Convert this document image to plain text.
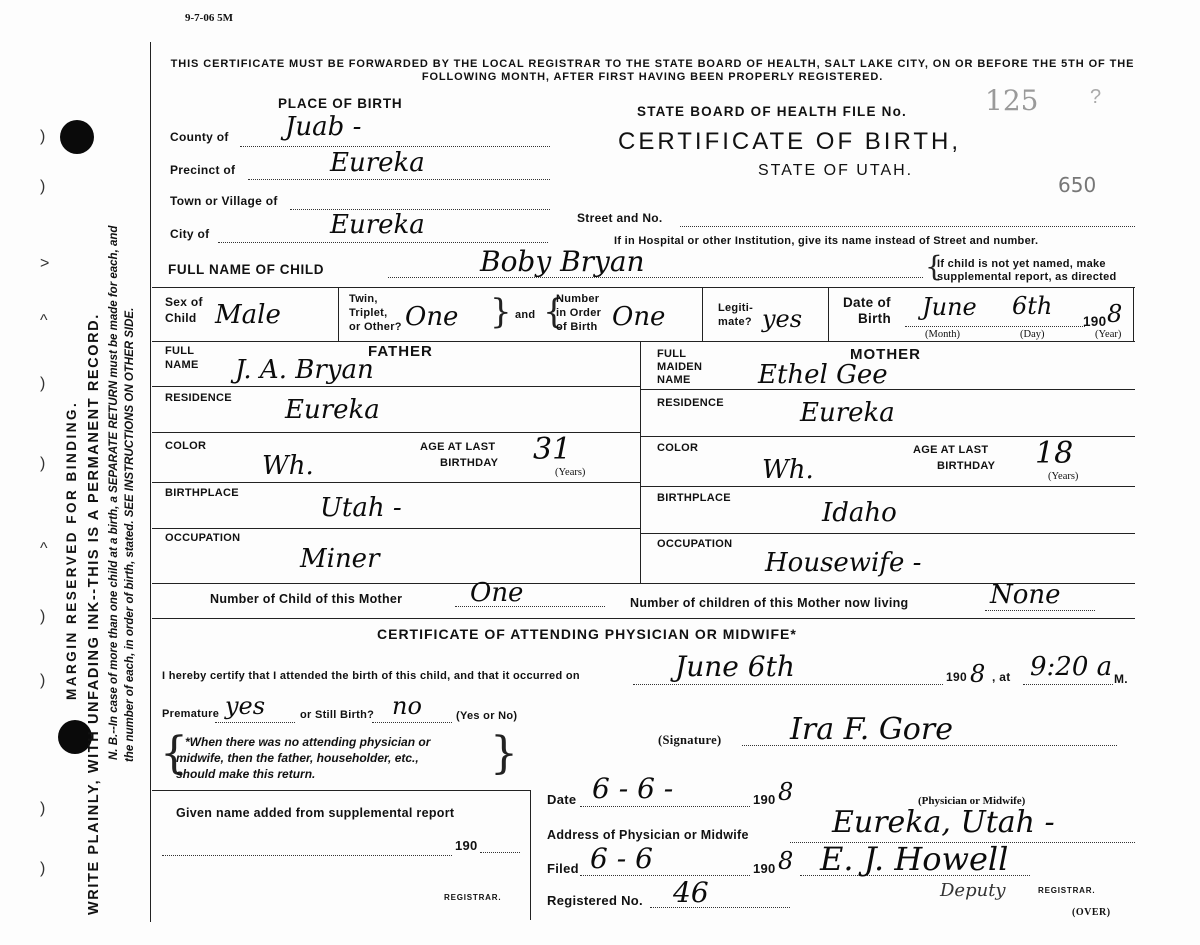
9-7-06 5M
)
)
>
^
)
)
^
)
)
)
)
MARGIN RESERVED FOR BINDING. WRITE PLAINLY, WITH UNFADING INK--THIS IS A PERMANENT RECORD. N. B.--In case of more than one child at a birth, a SEPARATE RETURN must be made for each, and the number of each, in order of birth, stated. SEE INSTRUCTIONS ON OTHER SIDE.
THIS CERTIFICATE MUST BE FORWARDED BY THE LOCAL REGISTRAR TO THE STATE BOARD OF HEALTH, SALT LAKE CITY, ON OR BEFORE THE 5TH OF THE FOLLOWING MONTH, AFTER FIRST HAVING BEEN PROPERLY REGISTERED.
PLACE OF BIRTH
County of Juab -
Precinct of	Eureka
Town or Village of
City of	Eureka
STATE BOARD OF HEALTH FILE No.	125	?
CERTIFICATE OF BIRTH,
STATE OF UTAH.
650
Street and No.
If in Hospital or other Institution, give its name instead of Street and number.
FULL NAME OF CHILD	Boby Bryan	{
If child is not yet named, make
supplemental report, as directed
Sex of
Child Male
Twin,
Triplet,
or Other? One } and {
Number
in Order
of Birth One	Legiti-
mate? yes
Date of
Birth June 6th
190 8
(Month)	(Day)	(Year)
FATHER
FULL
NAME J. A. Bryan
RESIDENCE Eureka
COLOR
Wh.
AGE AT LAST
BIRTHDAY 31
(Years)
BIRTHPLACE	Utah -
OCCUPATION
Miner
MOTHER
FULL
MAIDEN
NAME	Ethel Gee
RESIDENCE	Eureka
COLOR
Wh.
AGE AT LAST
BIRTHDAY 18
(Years)
BIRTHPLACE	Idaho
OCCUPATION
Housewife -
Number of Child of this Mother	One	Number of children of this Mother now living	None
CERTIFICATE OF ATTENDING PHYSICIAN OR MIDWIFE*
I hereby certify that I attended the birth of this child, and that it occurred on	June 6th	190 8 , at 9:20 a M.
Premature yes	or Still Birth? no	(Yes or No)
{
*When there was no attending physician or
midwife, then the father, householder, etc.,
should make this return.	}	(Signature) Ira F. Gore
Given name added from supplemental report
190
REGISTRAR.
Date 6 - 6 -	190 8	(Physician or Midwife)
Address of Physician or Midwife	Eureka, Utah -
Filed 6 - 6	190 8 E. J. Howell
Deputy
Registered No. 46	REGISTRAR.
(OVER)
